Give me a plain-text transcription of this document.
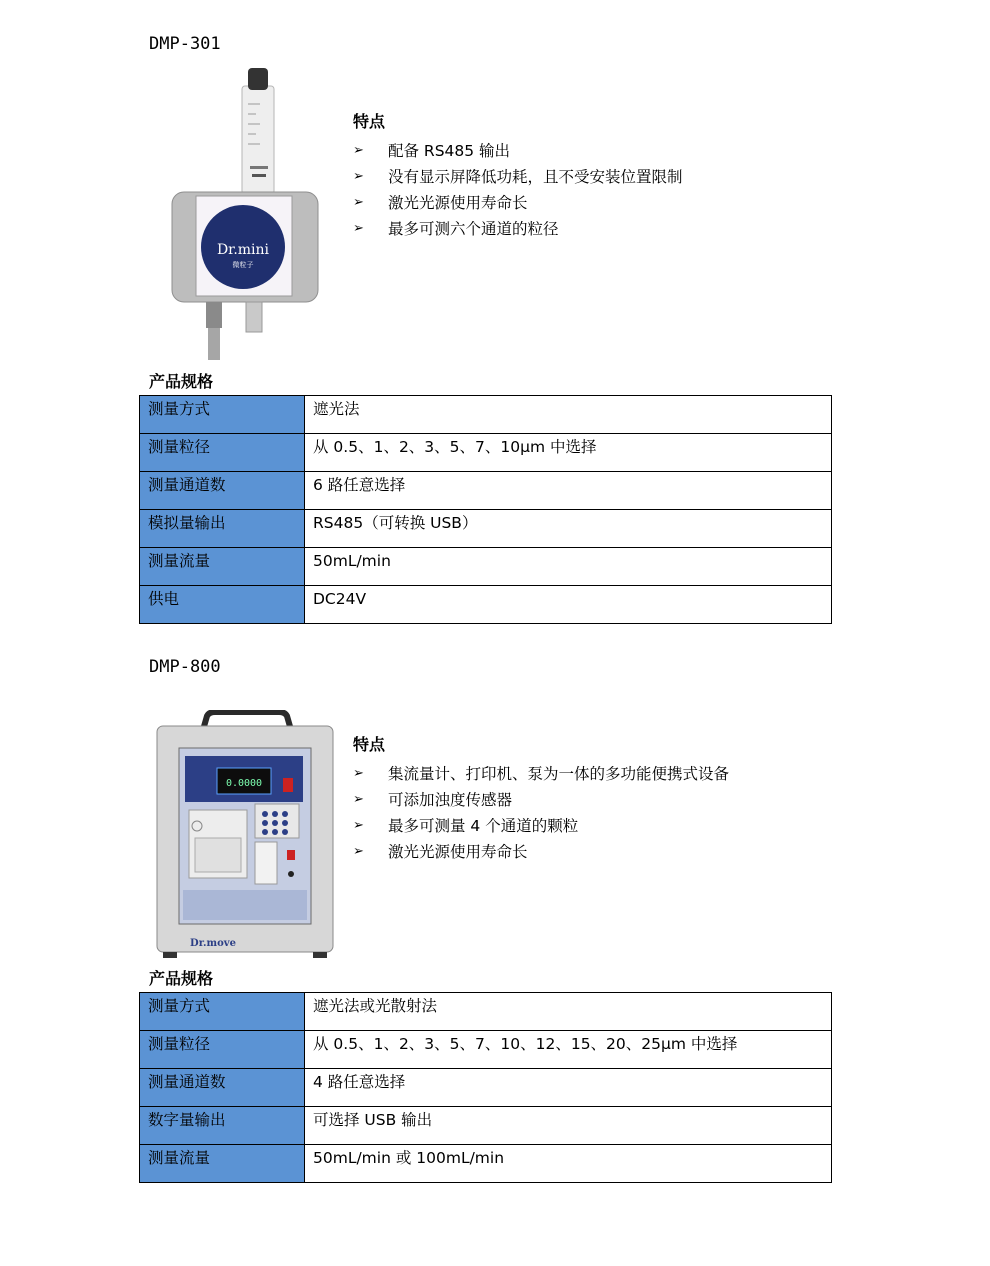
DMP-301
Dr.mini
微粒子
特点
➢	配备 RS485 输出
➢	没有显示屏降低功耗，且不受安装位置限制
➢	激光光源使用寿命长
➢	最多可测六个通道的粒径
产品规格
测量方式	遮光法
测量粒径	从 0.5、1、2、3、5、7、10μm 中选择
测量通道数	6 路任意选择
模拟量输出	RS485（可转换 USB）
测量流量	50mL/min
供电	DC24V
DMP-800
0.0000
Dr.move
特点
➢	集流量计、打印机、泵为一体的多功能便携式设备
➢	可添加浊度传感器
➢	最多可测量 4 个通道的颗粒
➢	激光光源使用寿命长
产品规格
测量方式	遮光法或光散射法
测量粒径	从 0.5、1、2、3、5、7、10、12、15、20、25μm 中选择
测量通道数	4 路任意选择
数字量输出	可选择 USB 输出
测量流量	50mL/min 或 100mL/min
